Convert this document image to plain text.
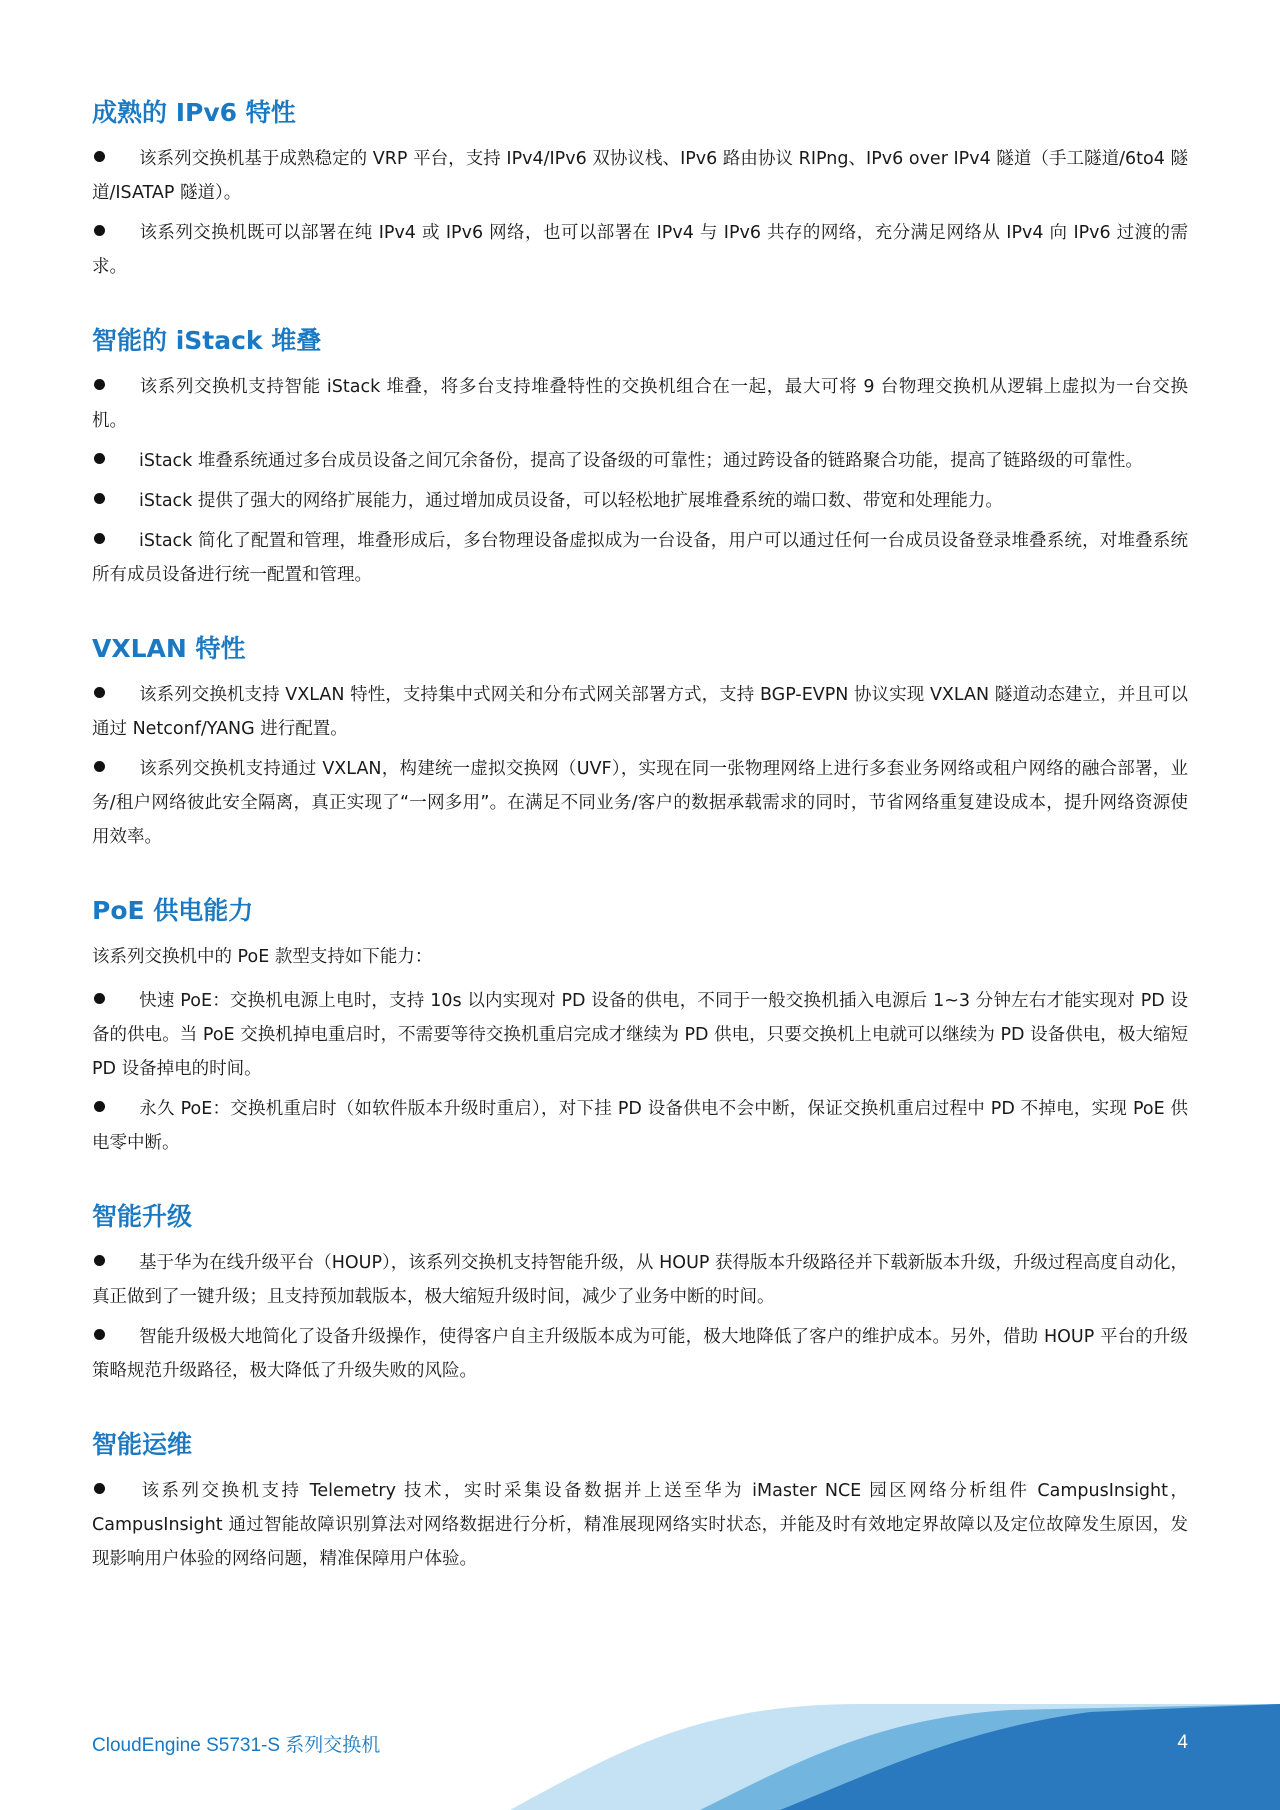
成熟的 IPv6 特性

该系列交换机基于成熟稳定的 VRP 平台，支持 IPv4/IPv6 双协议栈、IPv6 路由协议 RIPng、IPv6 over IPv4 隧道（手工隧道/6to4 隧道/ISATAP 隧道）。

该系列交换机既可以部署在纯 IPv4 或 IPv6 网络，也可以部署在 IPv4 与 IPv6 共存的网络，充分满足网络从 IPv4 向 IPv6 过渡的需求。

智能的 iStack 堆叠

该系列交换机支持智能 iStack 堆叠，将多台支持堆叠特性的交换机组合在一起，最大可将 9 台物理交换机从逻辑上虚拟为一台交换机。

iStack 堆叠系统通过多台成员设备之间冗余备份，提高了设备级的可靠性；通过跨设备的链路聚合功能，提高了链路级的可靠性。

iStack 提供了强大的网络扩展能力，通过增加成员设备，可以轻松地扩展堆叠系统的端口数、带宽和处理能力。

iStack 简化了配置和管理，堆叠形成后，多台物理设备虚拟成为一台设备，用户可以通过任何一台成员设备登录堆叠系统，对堆叠系统所有成员设备进行统一配置和管理。

VXLAN 特性

该系列交换机支持 VXLAN 特性，支持集中式网关和分布式网关部署方式，支持 BGP-EVPN 协议实现 VXLAN 隧道动态建立，并且可以通过 Netconf/YANG 进行配置。

该系列交换机支持通过 VXLAN，构建统一虚拟交换网（UVF），实现在同一张物理网络上进行多套业务网络或租户网络的融合部署，业务/租户网络彼此安全隔离，真正实现了“一网多用”。在满足不同业务/客户的数据承载需求的同时，节省网络重复建设成本，提升网络资源使用效率。

PoE 供电能力

该系列交换机中的 PoE 款型支持如下能力：

快速 PoE：交换机电源上电时，支持 10s 以内实现对 PD 设备的供电，不同于一般交换机插入电源后 1~3 分钟左右才能实现对 PD 设备的供电。当 PoE 交换机掉电重启时，不需要等待交换机重启完成才继续为 PD 供电，只要交换机上电就可以继续为 PD 设备供电，极大缩短 PD 设备掉电的时间。

永久 PoE：交换机重启时（如软件版本升级时重启），对下挂 PD 设备供电不会中断，保证交换机重启过程中 PD 不掉电，实现 PoE 供电零中断。

智能升级

基于华为在线升级平台（HOUP），该系列交换机支持智能升级，从 HOUP 获得版本升级路径并下载新版本升级，升级过程高度自动化，真正做到了一键升级；且支持预加载版本，极大缩短升级时间，减少了业务中断的时间。

智能升级极大地简化了设备升级操作，使得客户自主升级版本成为可能，极大地降低了客户的维护成本。另外，借助 HOUP 平台的升级策略规范升级路径，极大降低了升级失败的风险。

智能运维

该系列交换机支持 Telemetry 技术，实时采集设备数据并上送至华为 iMaster NCE 园区网络分析组件 CampusInsight，CampusInsight 通过智能故障识别算法对网络数据进行分析，精准展现网络实时状态，并能及时有效地定界故障以及定位故障发生原因，发现影响用户体验的网络问题，精准保障用户体验。

CloudEngine S5731-S 系列交换机	4
